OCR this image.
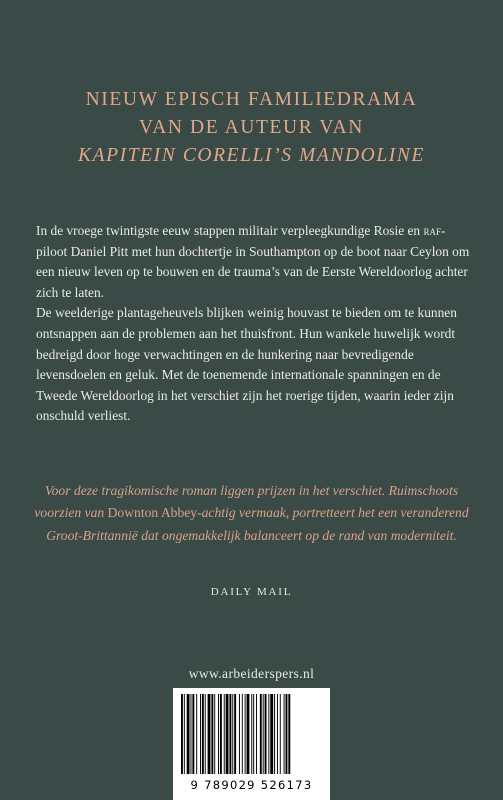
NIEUW EPISCH FAMILIEDRAMA
VAN DE AUTEUR VAN
KAPITEIN CORELLI’S MANDOLINE

In de vroege twintigste eeuw stappen militair verpleegkundige Rosie en raf-piloot Daniel Pitt met hun dochtertje in Southampton op de boot naar Ceylon om een nieuw leven op te bouwen en de trauma’s van de Eerste Wereldoorlog achter zich te laten.

De weelderige plantageheuvels blijken weinig houvast te bieden om te kunnen ontsnappen aan de problemen aan het thuisfront. Hun wankele huwelijk wordt bedreigd door hoge verwachtingen en de hunkering naar bevredigende levensdoelen en geluk. Met de toenemende internationale spanningen en de Tweede Wereldoorlog in het verschiet zijn het roerige tijden, waarin ieder zijn onschuld verliest.

Voor deze tragikomische roman liggen prijzen in het verschiet. Ruimschoots voorzien van Downton Abbey-achtig vermaak, portretteert het een veranderend Groot-Brittannië dat ongemakkelijk balanceert op de rand van moderniteit.
DAILY MAIL
www.arbeiderspers.nl
9 789029 526173
